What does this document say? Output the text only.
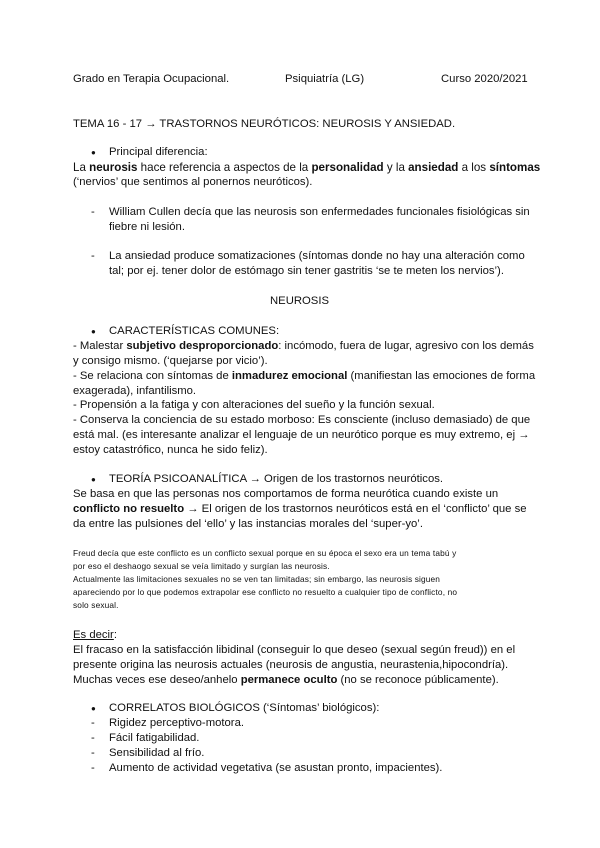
Grado en Terapia Ocupacional.	Psiquiatría (LG)	Curso 2020/2021
TEMA 16 - 17 → TRASTORNOS NEURÓTICOS: NEUROSIS Y ANSIEDAD.
● Principal diferencia:
La neurosis hace referencia a aspectos de la personalidad y la ansiedad a los síntomas
(‘nervios’ que sentimos al ponernos neuróticos).
- William Cullen decía que las neurosis son enfermedades funcionales fisiológicas sin
fiebre ni lesión.
- La ansiedad produce somatizaciones (síntomas donde no hay una alteración como
tal; por ej. tener dolor de estómago sin tener gastritis ‘se te meten los nervios’).
NEUROSIS
● CARACTERÍSTICAS COMUNES:
- Malestar subjetivo desproporcionado: incómodo, fuera de lugar, agresivo con los demás
y consigo mismo. (‘quejarse por vicio’).
- Se relaciona con síntomas de inmadurez emocional (manifiestan las emociones de forma
exagerada), infantilismo.
- Propensión a la fatiga y con alteraciones del sueño y la función sexual.
- Conserva la conciencia de su estado morboso: Es consciente (incluso demasiado) de que
está mal. (es interesante analizar el lenguaje de un neurótico porque es muy extremo, ej →
estoy catastrófico, nunca he sido feliz).
● TEORÍA PSICOANALÍTICA → Origen de los trastornos neuróticos.
Se basa en que las personas nos comportamos de forma neurótica cuando existe un
conflicto no resuelto → El origen de los trastornos neuróticos está en el ‘conflicto’ que se
da entre las pulsiones del ‘ello’ y las instancias morales del ‘super-yo’.
Freud decía que este conflicto es un conflicto sexual porque en su época el sexo era un tema tabú y
por eso el deshaogo sexual se veía limitado y surgían las neurosis.
Actualmente las limitaciones sexuales no se ven tan limitadas; sin embargo, las neurosis siguen
apareciendo por lo que podemos extrapolar ese conflicto no resuelto a cualquier tipo de conflicto, no
solo sexual.
Es decir:
El fracaso en la satisfacción libidinal (conseguir lo que deseo (sexual según freud)) en el
presente origina las neurosis actuales (neurosis de angustia, neurastenia,hipocondría).
Muchas veces ese deseo/anhelo permanece oculto (no se reconoce públicamente).
● CORRELATOS BIOLÓGICOS (‘Síntomas’ biológicos):
- Rigidez perceptivo-motora.
- Fácil fatigabilidad.
- Sensibilidad al frío.
- Aumento de actividad vegetativa (se asustan pronto, impacientes).
